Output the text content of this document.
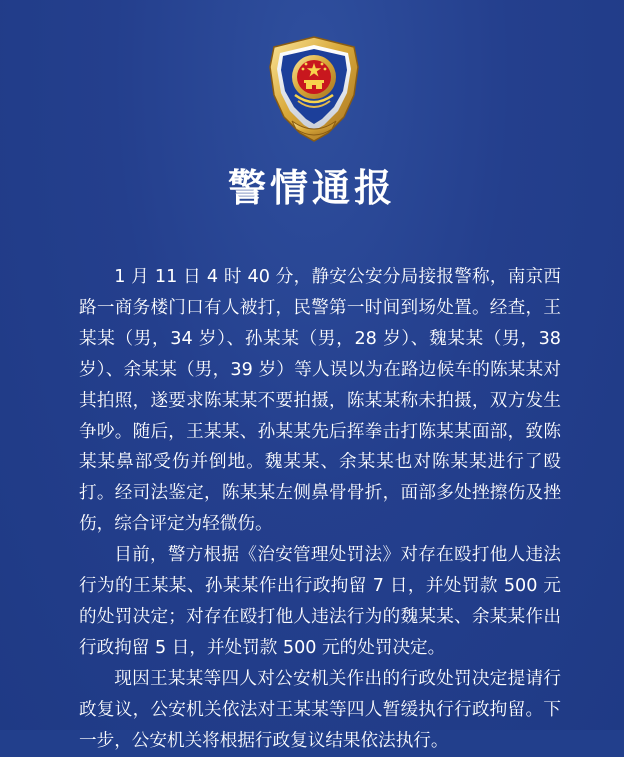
警情通报

1 月 11 日 4 时 40 分，静安公安分局接报警称，南京西路一商务楼门口有人被打，民警第一时间到场处置。经查，王某某（男，34 岁）、孙某某（男，28 岁）、魏某某（男，38 岁）、余某某（男，39 岁）等人误以为在路边候车的陈某某对其拍照，遂要求陈某某不要拍摄，陈某某称未拍摄，双方发生争吵。随后，王某某、孙某某先后挥拳击打陈某某面部，致陈某某鼻部受伤并倒地。魏某某、余某某也对陈某某进行了殴打。经司法鉴定，陈某某左侧鼻骨骨折，面部多处挫擦伤及挫伤，综合评定为轻微伤。

目前，警方根据《治安管理处罚法》对存在殴打他人违法行为的王某某、孙某某作出行政拘留 7 日，并处罚款 500 元的处罚决定；对存在殴打他人违法行为的魏某某、余某某作出行政拘留 5 日，并处罚款 500 元的处罚决定。

现因王某某等四人对公安机关作出的行政处罚决定提请行政复议，公安机关依法对王某某等四人暂缓执行行政拘留。下一步，公安机关将根据行政复议结果依法执行。
